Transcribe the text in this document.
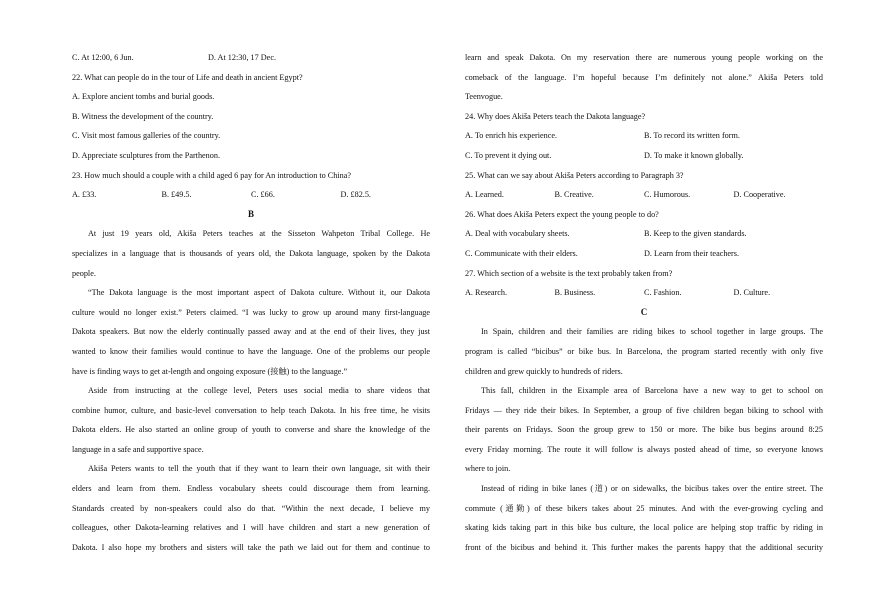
C. At 12:00, 6 Jun.	D. At 12:30, 17 Dec.
22. What can people do in the tour of Life and death in ancient Egypt?
A. Explore ancient tombs and burial goods.
B. Witness the development of the country.
C. Visit most famous galleries of the country.
D. Appreciate sculptures from the Parthenon.
23. How much should a couple with a child aged 6 pay for An introduction to China?
A. £33.	B. £49.5.	C. £66.	D. £82.5.
B
At just 19 years old, Akiša Peters teaches at the Sisseton Wahpeton Tribal College. He
specializes in a language that is thousands of years old, the Dakota language, spoken by the Dakota
people.
“The Dakota language is the most important aspect of Dakota culture. Without it, our Dakota
culture would no longer exist.” Peters claimed. “I was lucky to grow up around many first-language
Dakota speakers. But now the elderly continually passed away and at the end of their lives, they just
wanted to know their families would continue to have the language. One of the problems our people
have is finding ways to get at-length and ongoing exposure (接触) to the language.”
Aside from instructing at the college level, Peters uses social media to share videos that
combine humor, culture, and basic-level conversation to help teach Dakota. In his free time, he visits
Dakota elders. He also started an online group of youth to converse and share the knowledge of the
language in a safe and supportive space.
Akiša Peters wants to tell the youth that if they want to learn their own language, sit with their
elders and learn from them. Endless vocabulary sheets could discourage them from learning.
Standards created by non-speakers could also do that. “Within the next decade, I believe my
colleagues, other Dakota-learning relatives and I will have children and start a new generation of
Dakota. I also hope my brothers and sisters will take the path we laid out for them and continue to
learn and speak Dakota. On my reservation there are numerous young people working on the
comeback of the language. I’m hopeful because I’m definitely not alone.” Akiša Peters told
Teenvogue.
24. Why does Akiša Peters teach the Dakota language?
A. To enrich his experience.	B. To record its written form.
C. To prevent it dying out.	D. To make it known globally.
25. What can we say about Akiša Peters according to Paragraph 3?
A. Learned.	B. Creative.	C. Humorous.	D. Cooperative.
26. What does Akiša Peters expect the young people to do?
A. Deal with vocabulary sheets.	B. Keep to the given standards.
C. Communicate with their elders.	D. Learn from their teachers.
27. Which section of a website is the text probably taken from?
A. Research.	B. Business.	C. Fashion.	D. Culture.
C
In Spain, children and their families are riding bikes to school together in large groups. The
program is called “bicibus” or bike bus. In Barcelona, the program started recently with only five
children and grew quickly to hundreds of riders.
This fall, children in the Eixample area of Barcelona have a new way to get to school on
Fridays — they ride their bikes. In September, a group of five children began biking to school with
their parents on Fridays. Soon the group grew to 150 or more. The bike bus begins around 8:25
every Friday morning. The route it will follow is always posted ahead of time, so everyone knows
where to join.
Instead of riding in bike lanes (道) or on sidewalks, the bicibus takes over the entire street. The
commute (通勤) of these bikers takes about 25 minutes. And with the ever-growing cycling and
skating kids taking part in this bike bus culture, the local police are helping stop traffic by riding in
front of the bicibus and behind it. This further makes the parents happy that the additional security
